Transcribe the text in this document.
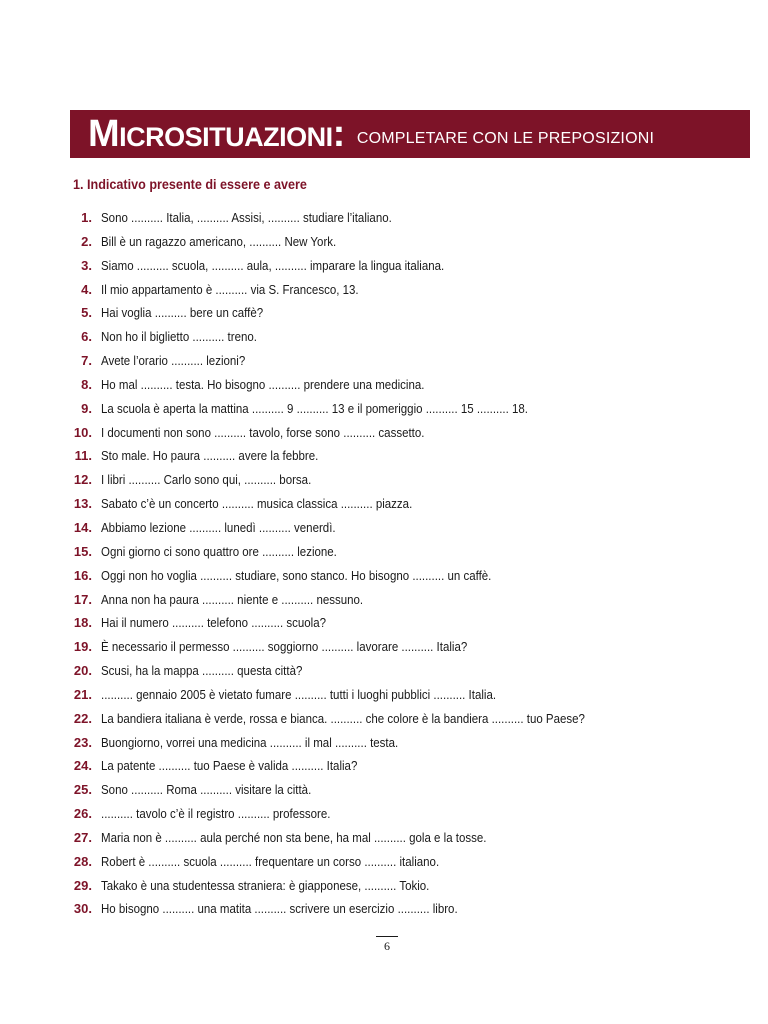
Microsituazioni: COMPLETARE CON LE PREPOSIZIONI
1. Indicativo presente di essere e avere
1. Sono .......... Italia, .......... Assisi, .......... studiare l’italiano.
2. Bill è un ragazzo americano, .......... New York.
3. Siamo .......... scuola, .......... aula, .......... imparare la lingua italiana.
4. Il mio appartamento è .......... via S. Francesco, 13.
5. Hai voglia .......... bere un caffè?
6. Non ho il biglietto .......... treno.
7. Avete l’orario .......... lezioni?
8. Ho mal .......... testa. Ho bisogno .......... prendere una medicina.
9. La scuola è aperta la mattina .......... 9 .......... 13 e il pomeriggio .......... 15 .......... 18.
10. I documenti non sono .......... tavolo, forse sono .......... cassetto.
11. Sto male. Ho paura .......... avere la febbre.
12. I libri .......... Carlo sono qui, .......... borsa.
13. Sabato c’è un concerto .......... musica classica .......... piazza.
14. Abbiamo lezione .......... lunedì .......... venerdì.
15. Ogni giorno ci sono quattro ore .......... lezione.
16. Oggi non ho voglia .......... studiare, sono stanco. Ho bisogno .......... un caffè.
17. Anna non ha paura .......... niente e .......... nessuno.
18. Hai il numero .......... telefono .......... scuola?
19. È necessario il permesso .......... soggiorno .......... lavorare .......... Italia?
20. Scusi, ha la mappa .......... questa città?
21. .......... gennaio 2005 è vietato fumare .......... tutti i luoghi pubblici .......... Italia.
22. La bandiera italiana è verde, rossa e bianca. .......... che colore è la bandiera .......... tuo Paese?
23. Buongiorno, vorrei una medicina .......... il mal .......... testa.
24. La patente .......... tuo Paese è valida .......... Italia?
25. Sono .......... Roma .......... visitare la città.
26. .......... tavolo c’è il registro .......... professore.
27. Maria non è .......... aula perché non sta bene, ha mal .......... gola e la tosse.
28. Robert è .......... scuola .......... frequentare un corso .......... italiano.
29. Takako è una studentessa straniera: è giapponese, .......... Tokio.
30. Ho bisogno .......... una matita .......... scrivere un esercizio .......... libro.
6
